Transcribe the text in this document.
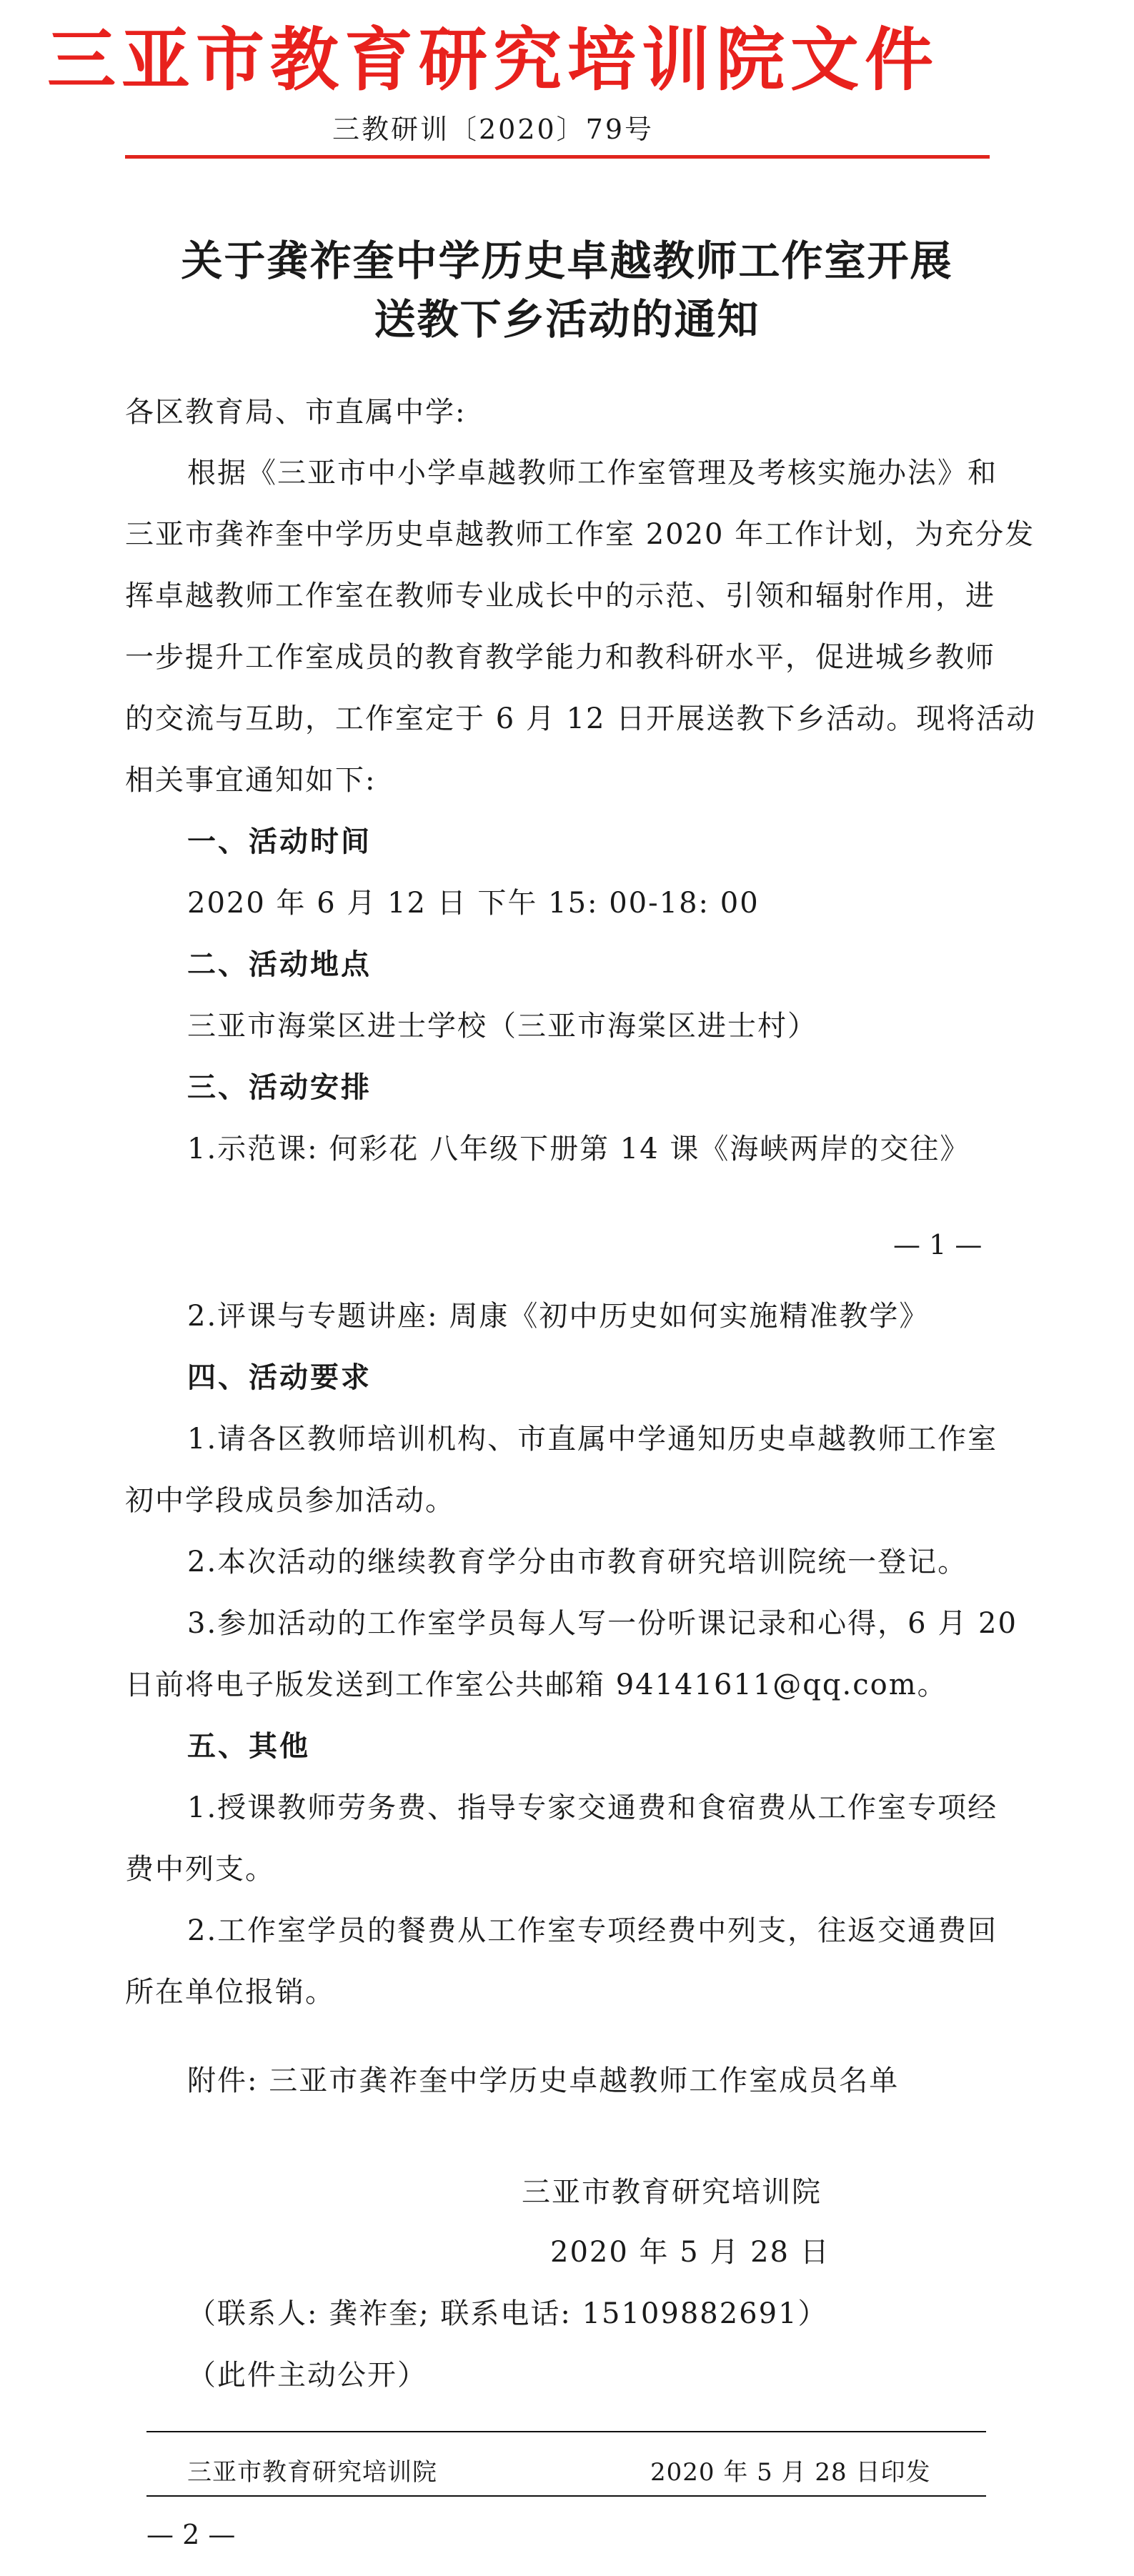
三亚市教育研究培训院文件
三教研训〔2020〕79号
关于龚祚奎中学历史卓越教师工作室开展
送教下乡活动的通知
各区教育局、市直属中学:
根据《三亚市中小学卓越教师工作室管理及考核实施办法》和
三亚市龚祚奎中学历史卓越教师工作室 2020 年工作计划，为充分发
挥卓越教师工作室在教师专业成长中的示范、引领和辐射作用，进
一步提升工作室成员的教育教学能力和教科研水平，促进城乡教师
的交流与互助，工作室定于 6 月 12 日开展送教下乡活动。现将活动
相关事宜通知如下:
一、活动时间
2020 年 6 月 12 日 下午 15: 00-18: 00
二、活动地点
三亚市海棠区进士学校（三亚市海棠区进士村）
三、活动安排
1.示范课: 何彩花 八年级下册第 14 课《海峡两岸的交往》
— 1 —
2.评课与专题讲座: 周康《初中历史如何实施精准教学》
四、活动要求
1.请各区教师培训机构、市直属中学通知历史卓越教师工作室
初中学段成员参加活动。
2.本次活动的继续教育学分由市教育研究培训院统一登记。
3.参加活动的工作室学员每人写一份听课记录和心得，6 月 20
日前将电子版发送到工作室公共邮箱 94141611@qq.com。
五、其他
1.授课教师劳务费、指导专家交通费和食宿费从工作室专项经
费中列支。
2.工作室学员的餐费从工作室专项经费中列支，往返交通费回
所在单位报销。
附件: 三亚市龚祚奎中学历史卓越教师工作室成员名单
三亚市教育研究培训院
2020 年 5 月 28 日
（联系人: 龚祚奎; 联系电话: 15109882691）
（此件主动公开）
三亚市教育研究培训院	2020 年 5 月 28 日印发
— 2 —
